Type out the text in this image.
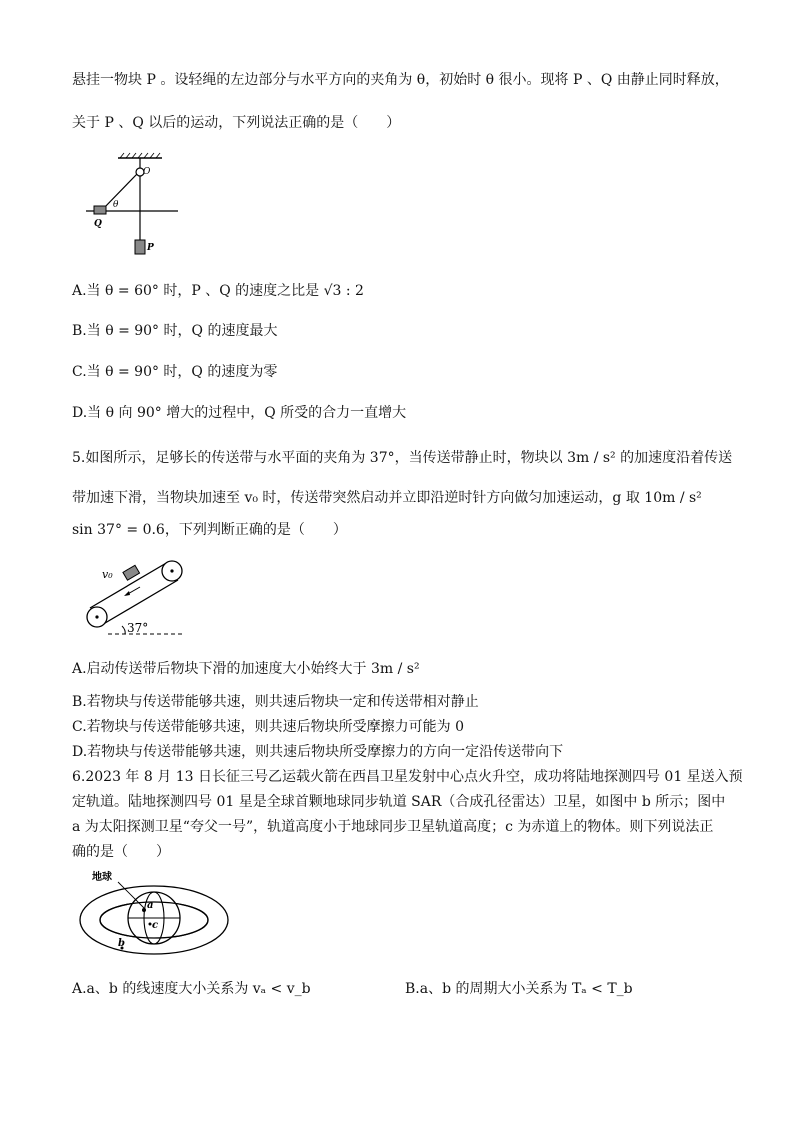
悬挂一物块 P 。设轻绳的左边部分与水平方向的夹角为 θ，初始时 θ 很小。现将 P 、Q 由静止同时释放，
关于 P 、Q 以后的运动，下列说法正确的是（　　）
O
Q
θ
P
A.当 θ = 60° 时，P 、Q 的速度之比是 √3 : 2
B.当 θ = 90° 时，Q 的速度最大
C.当 θ = 90° 时，Q 的速度为零
D.当 θ 向 90° 增大的过程中，Q 所受的合力一直增大
5.如图所示，足够长的传送带与水平面的夹角为 37°，当传送带静止时，物块以 3m / s² 的加速度沿着传送
带加速下滑，当物块加速至 v₀ 时，传送带突然启动并立即沿逆时针方向做匀加速运动，g 取 10m / s²
sin 37° = 0.6，下列判断正确的是（　　）
v₀
37°
A.启动传送带后物块下滑的加速度大小始终大于 3m / s²
B.若物块与传送带能够共速，则共速后物块一定和传送带相对静止
C.若物块与传送带能够共速，则共速后物块所受摩擦力可能为 0
D.若物块与传送带能够共速，则共速后物块所受摩擦力的方向一定沿传送带向下
6.2023 年 8 月 13 日长征三号乙运载火箭在西昌卫星发射中心点火升空，成功将陆地探测四号 01 星送入预
定轨道。陆地探测四号 01 星是全球首颗地球同步轨道 SAR（合成孔径雷达）卫星，如图中 b 所示；图中
a 为太阳探测卫星“夸父一号”，轨道高度小于地球同步卫星轨道高度；c 为赤道上的物体。则下列说法正
确的是（　　）
地球
a
c
b
A.a、b 的线速度大小关系为 vₐ < v_b	B.a、b 的周期大小关系为 Tₐ < T_b
